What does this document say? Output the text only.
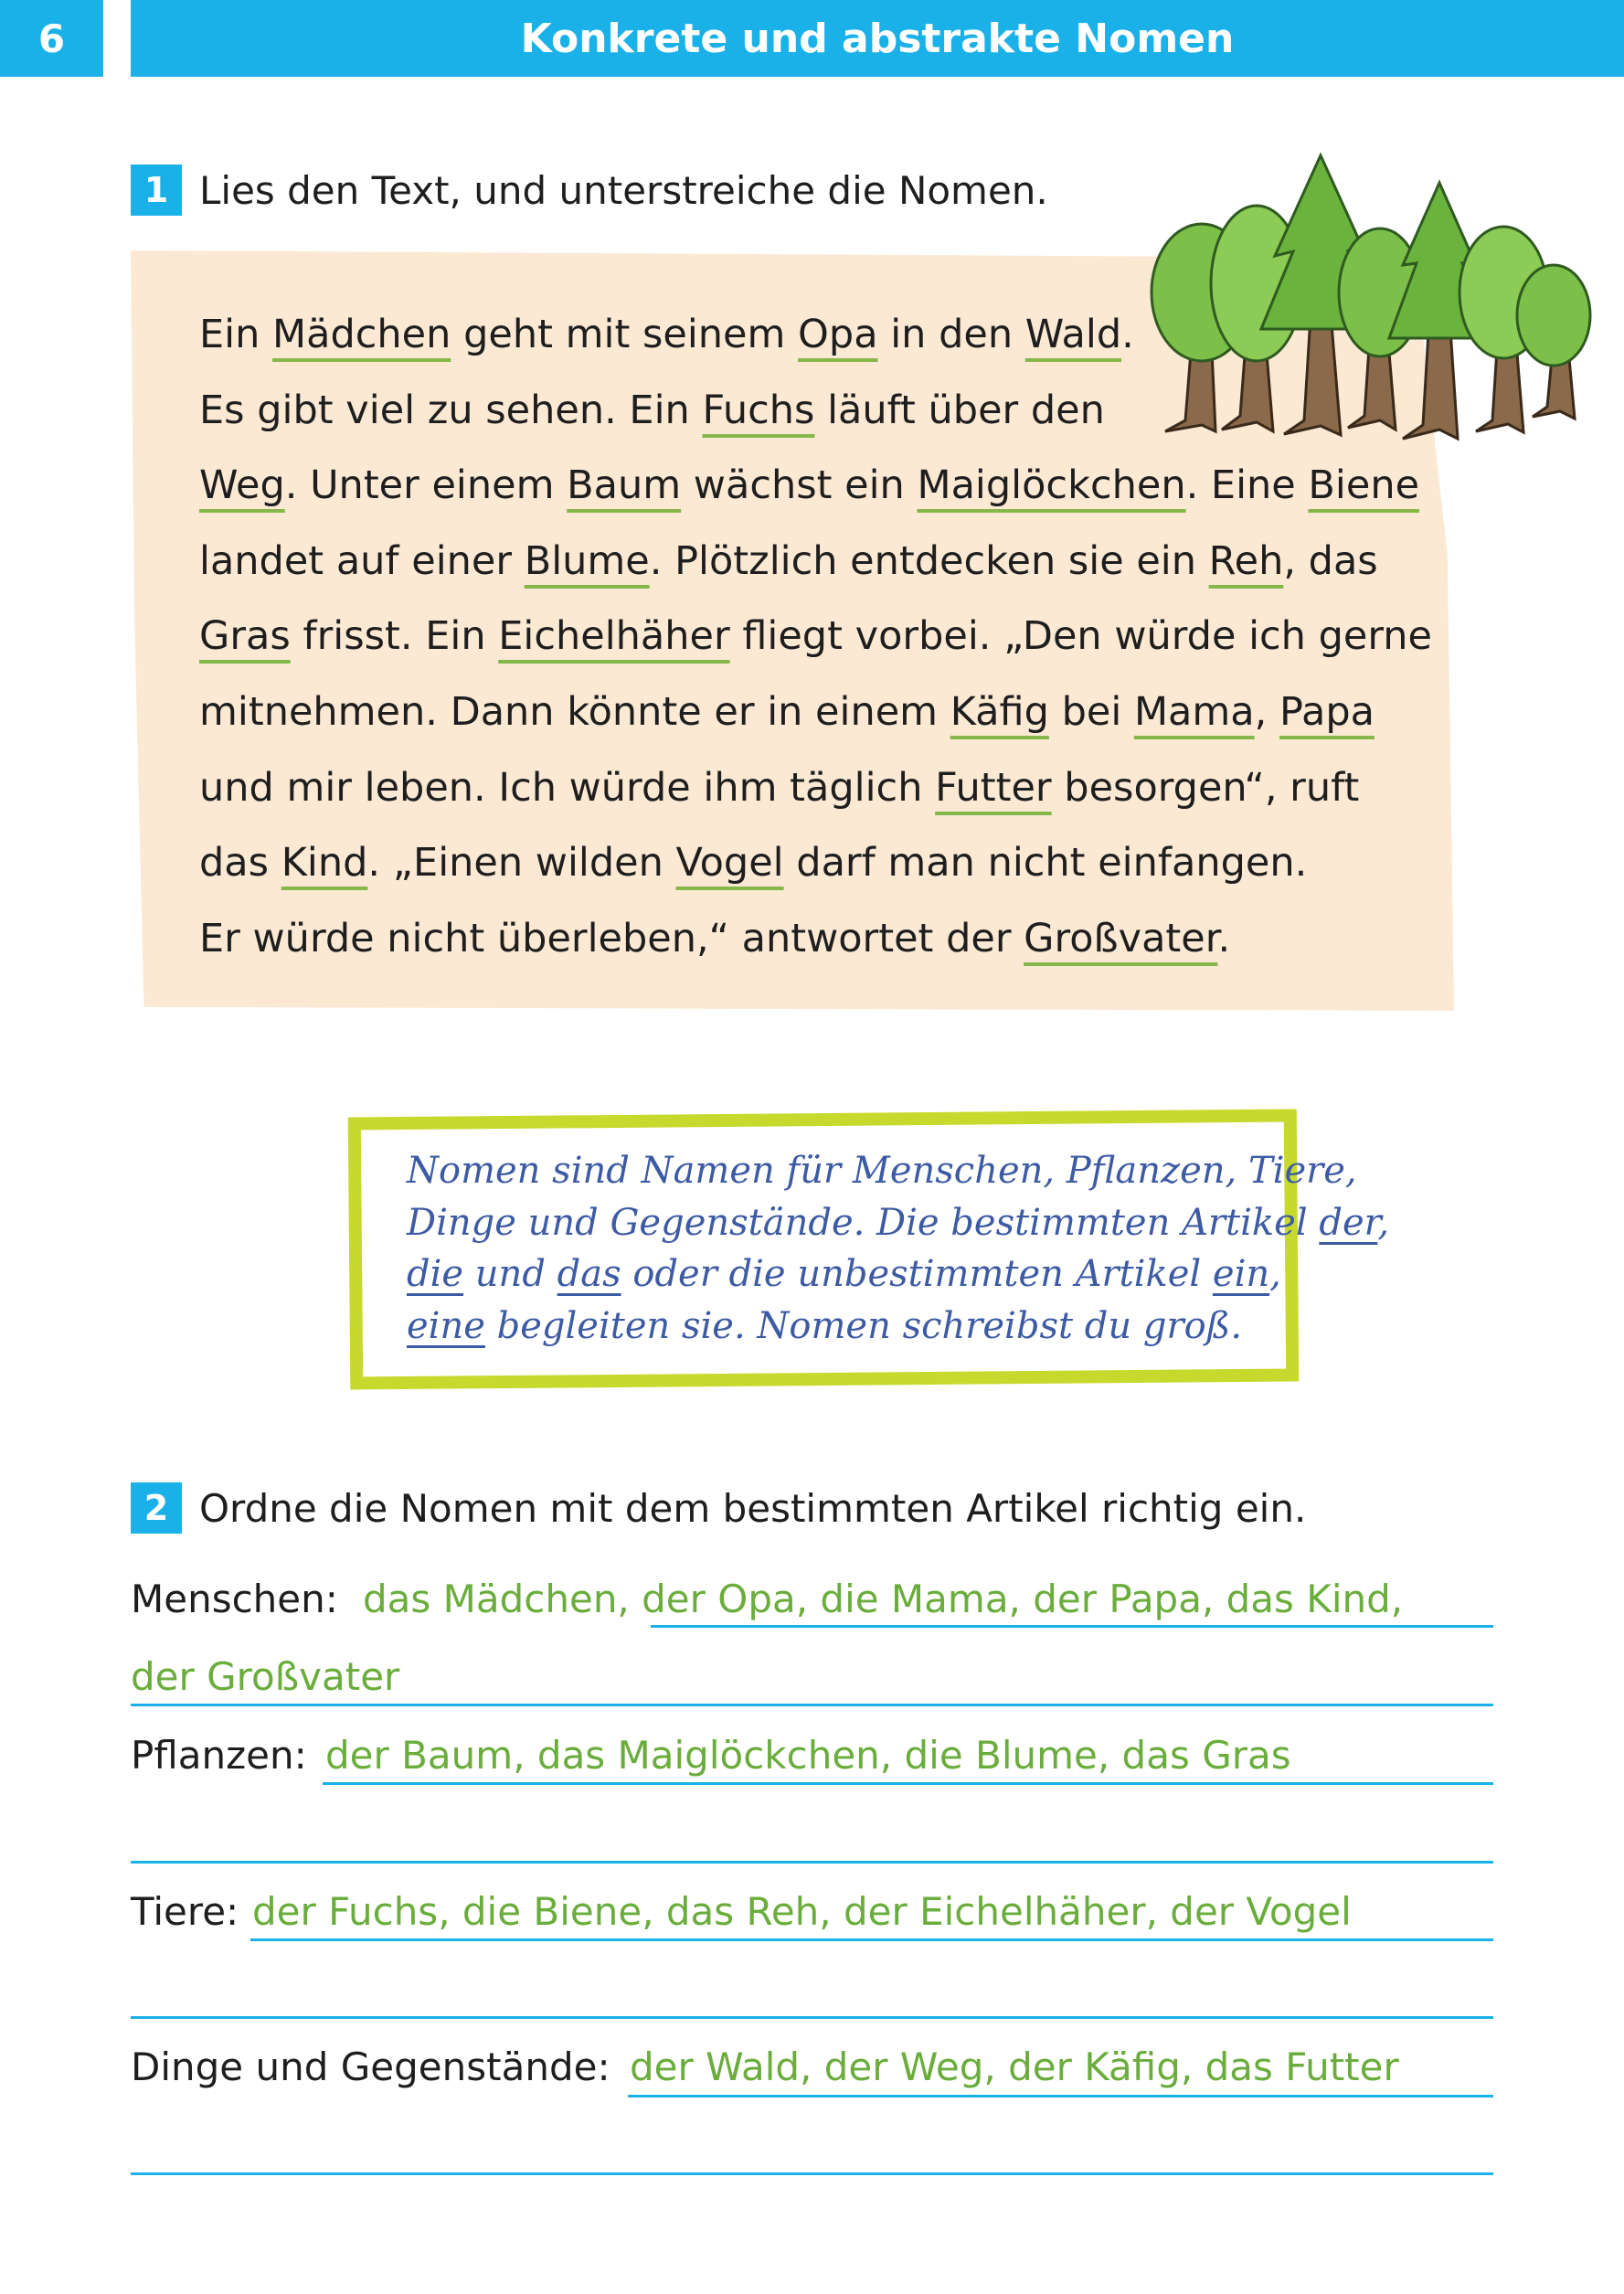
6	Konkrete und abstrakte Nomen
1 Lies den Text, und unterstreiche die Nomen.
Ein Mädchen geht mit seinem Opa in den Wald.
Es gibt viel zu sehen. Ein Fuchs läuft über den
Weg. Unter einem Baum wächst ein Maiglöckchen. Eine Biene
landet auf einer Blume. Plötzlich entdecken sie ein Reh, das
Gras frisst. Ein Eichelhäher fliegt vorbei. „Den würde ich gerne
mitnehmen. Dann könnte er in einem Käfig bei Mama, Papa
und mir leben. Ich würde ihm täglich Futter besorgen“, ruft
das Kind. „Einen wilden Vogel darf man nicht einfangen.
Er würde nicht überleben,“ antwortet der Großvater.
Nomen sind Namen für Menschen, Pflanzen, Tiere,
Dinge und Gegenstände. Die bestimmten Artikel der,
die und das oder die unbestimmten Artikel ein,
eine begleiten sie. Nomen schreibst du groß.
2 Ordne die Nomen mit dem bestimmten Artikel richtig ein.
Menschen: das Mädchen, der Opa, die Mama, der Papa, das Kind,
der Großvater
Pflanzen: der Baum, das Maiglöckchen, die Blume, das Gras
Tiere: der Fuchs, die Biene, das Reh, der Eichelhäher, der Vogel
Dinge und Gegenstände: der Wald, der Weg, der Käfig, das Futter
